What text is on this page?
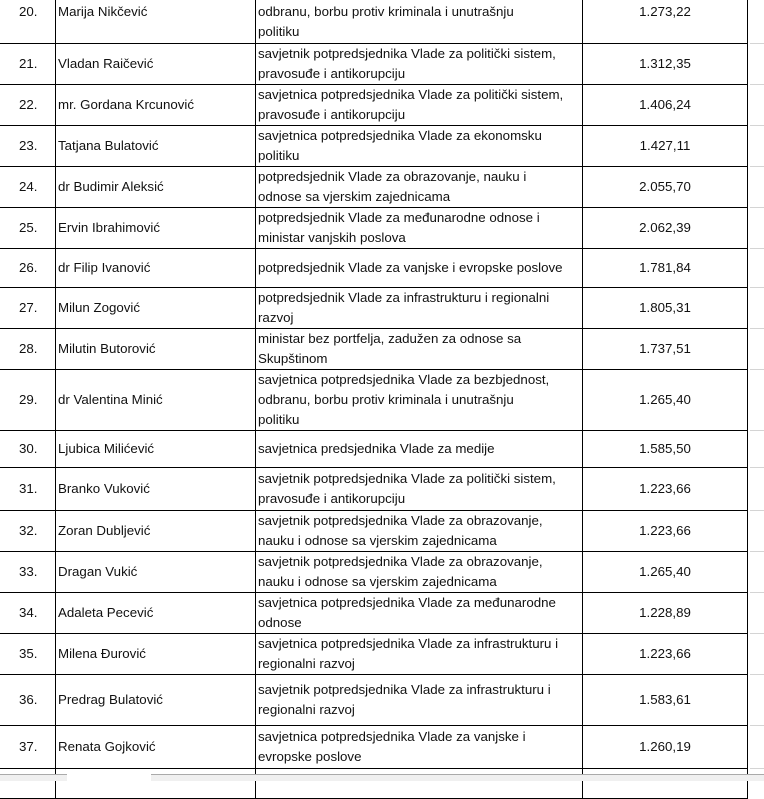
20.	Marija Nikčević	odbranu, borbu protiv kriminala i unutrašnju
politiku	1.273,22
21.	Vladan Raičević	savjetnik potpredsjednika Vlade za politički sistem,
pravosuđe i antikorupciju	1.312,35
22.	mr. Gordana Krcunović	savjetnica potpredsjednika Vlade za politički sistem,
pravosuđe i antikorupciju	1.406,24
23.	Tatjana Bulatović	savjetnica potpredsjednika Vlade za ekonomsku
politiku	1.427,11
24.	dr Budimir Aleksić	potpredsjednik Vlade za obrazovanje, nauku i
odnose sa vjerskim zajednicama	2.055,70
25.	Ervin Ibrahimović	potpredsjednik Vlade za međunarodne odnose i
ministar vanjskih poslova	2.062,39
26.	dr Filip Ivanović	potpredsjednik Vlade za vanjske i evropske poslove	1.781,84
27.	Milun Zogović	potpredsjednik Vlade za infrastrukturu i regionalni
razvoj	1.805,31
28.	Milutin Butorović	ministar bez portfelja, zadužen za odnose sa
Skupštinom	1.737,51
29.	dr Valentina Minić	savjetnica potpredsjednika Vlade za bezbjednost,
odbranu, borbu protiv kriminala i unutrašnju
politiku	1.265,40
30.	Ljubica Milićević	savjetnica predsjednika Vlade za medije	1.585,50
31.	Branko Vuković	savjetnik potpredsjednika Vlade za politički sistem,
pravosuđe i antikorupciju	1.223,66
32.	Zoran Dubljević	savjetnik potpredsjednika Vlade za obrazovanje,
nauku i odnose sa vjerskim zajednicama	1.223,66
33.	Dragan Vukić	savjetnik potpredsjednika Vlade za obrazovanje,
nauku i odnose sa vjerskim zajednicama	1.265,40
34.	Adaleta Pecević	savjetnica potpredsjednika Vlade za međunarodne
odnose	1.228,89
35.	Milena Đurović	savjetnica potpredsjednika Vlade za infrastrukturu i
regionalni razvoj	1.223,66
36.	Predrag Bulatović	savjetnik potpredsjednika Vlade za infrastrukturu i
regionalni razvoj	1.583,61
37.	Renata Gojković	savjetnica potpredsjednika Vlade za vanjske i
evropske poslove	1.260,19
